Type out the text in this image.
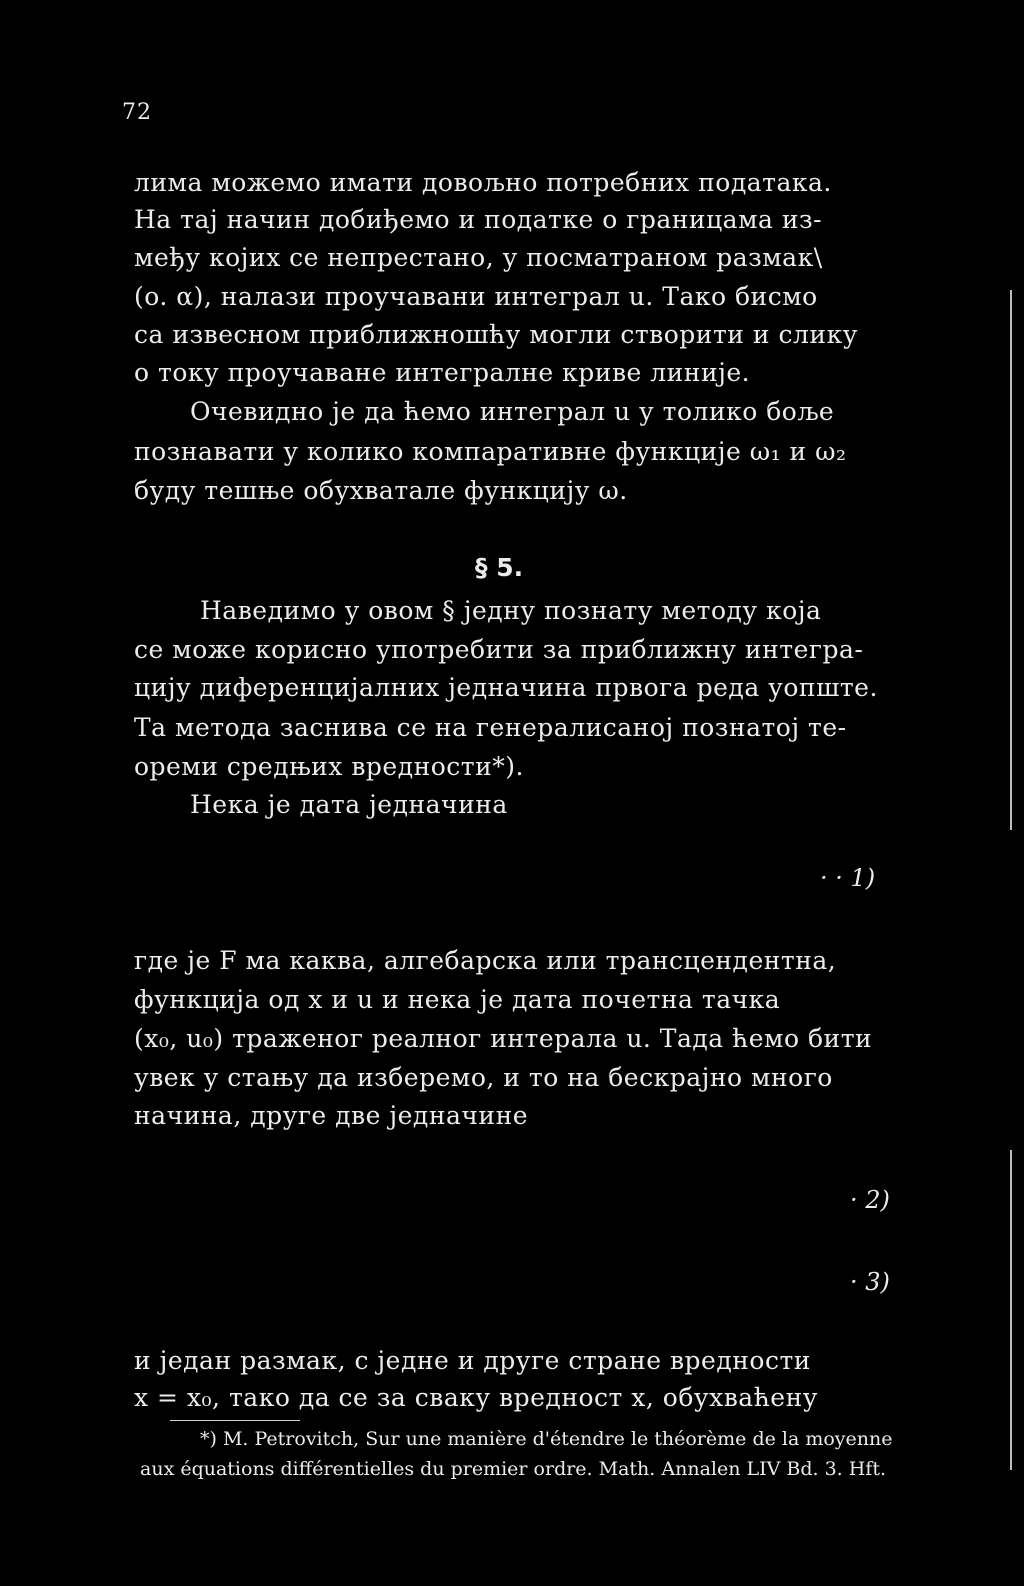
72
лима можемо имати довољно потребних података.
На тај начин добиђемо и податке о границама из-
међу којих се непрестано, у посматраном размак\
(o. α), налази проучавани интеграл u. Тако бисмо
са извесном приближношћу могли створити и слику
о току проучаване интегралне криве линије.
Очевидно је да ћемо интеграл u у толико боље
познавати у колико компаративне функције ω₁ и ω₂
буду тешње обухватале функцију ω.
§ 5.
Наведимо у овом § једну познату методу која
се може корисно употребити за приближну интегра-
цију диференцијалних једначина првога реда уопште.
Та метода заснива се на генералисаној познатој те-
ореми средњих вредности*).
Нека је дата једначина
· · 1)
где је F ма каква, алгебарска или трансцендентна,
функција од x и u и нека је дата почетна тачка
(x₀, u₀) траженог реалног интерала u. Тада ћемо бити
увек у стању да изберемо, и то на бескрајно много
начина, друге две једначине
· 2)
· 3)
и један размак, с једне и друге стране вредности
x = x₀, тако да се за сваку вредност x, обухваћену
*) M. Petrovitch, Sur une manière d'étendre le théorème de la moyenne
aux équations différentielles du premier ordre. Math. Annalen LIV Bd. 3. Hft.
